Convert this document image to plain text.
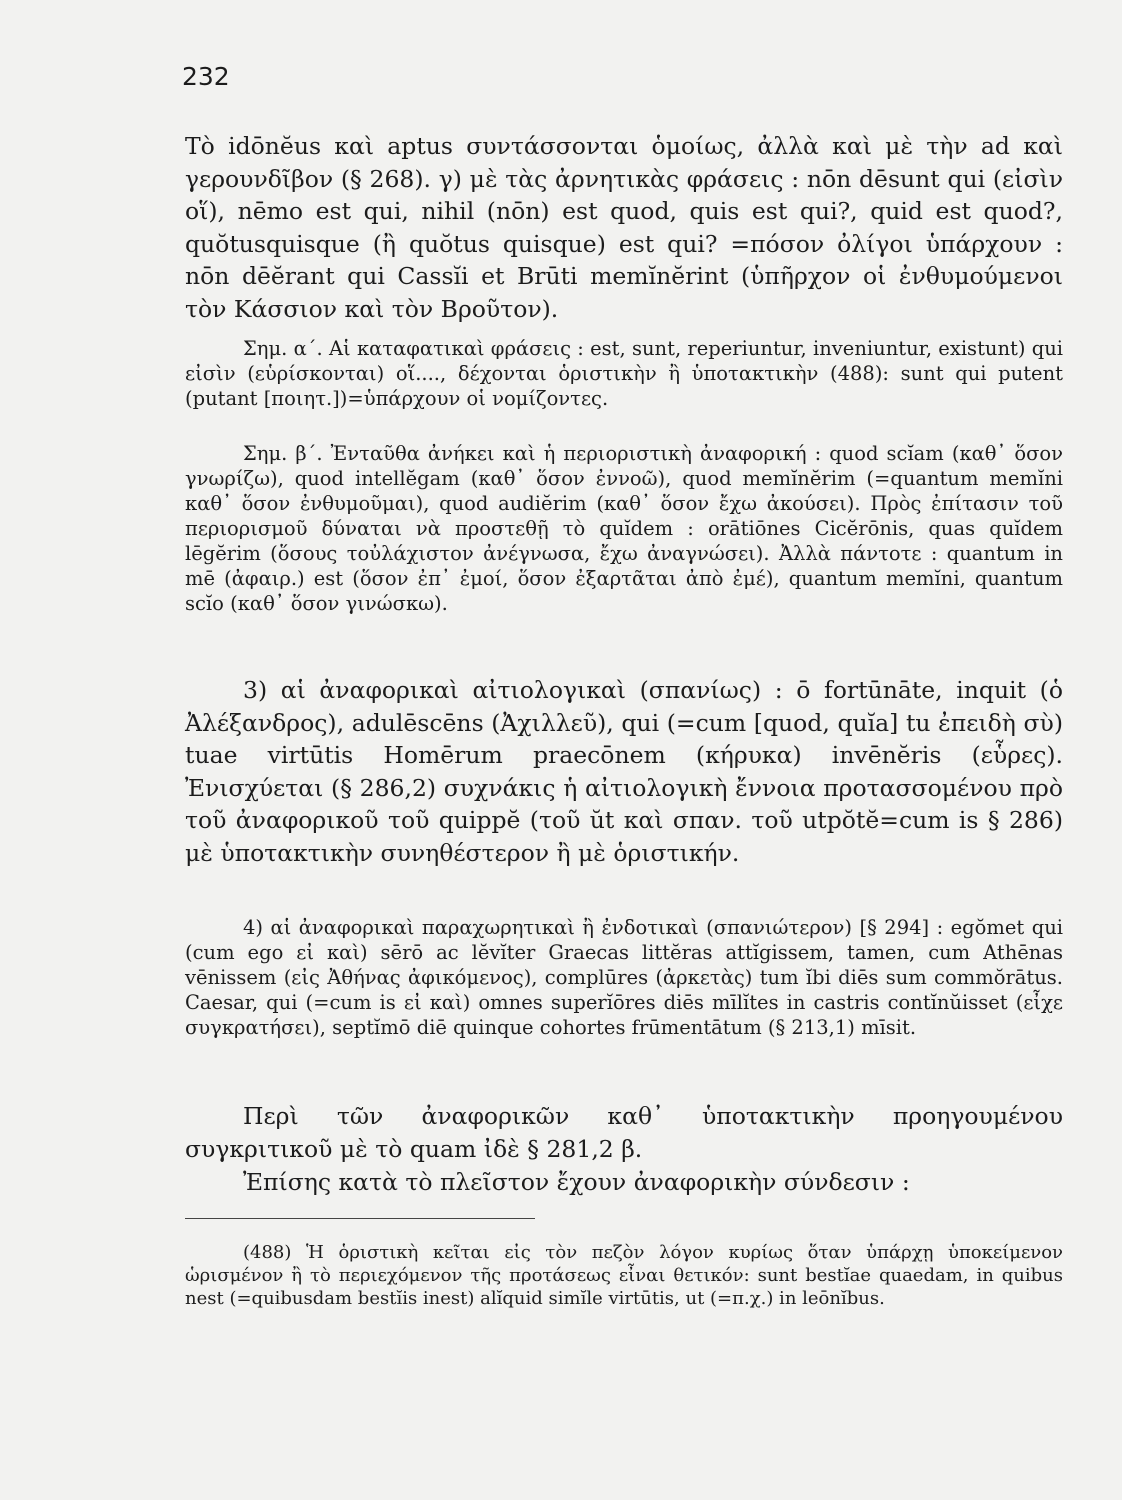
232
Τὸ idōnĕus καὶ aptus συντάσσονται ὁμοίως, ἀλλὰ καὶ μὲ τὴν ad καὶ γερουνδῖβον (§ 268). γ) μὲ τὰς ἀρνητικὰς φράσεις : nōn dēsunt qui (εἰσὶν οἵ), nēmo est qui, nihil (nōn) est quod, quis est qui?, quid est quod?, quŏtusquisque (ἢ quŏtus quisque) est qui? =πόσον ὀλίγοι ὑπάρχουν : nōn dēĕrant qui Cassĭi et Brūti memĭnĕrint (ὑπῆρχον οἱ ἐνθυμούμενοι τὸν Κάσσιον καὶ τὸν Βροῦτον).
Σημ. α΄. Αἱ καταφατικαὶ φράσεις : est, sunt, reperiuntur, inveniuntur, existunt) qui εἰσὶν (εὑρίσκονται) οἵ...., δέχονται ὁριστικὴν ἢ ὑποτακτικὴν (488): sunt qui putent (putant [ποιητ.])=ὑπάρχουν οἱ νομίζοντες.
Σημ. β΄. Ἐνταῦθα ἀνήκει καὶ ἡ περιοριστικὴ ἀναφορική : quod scĭam (καθ᾿ ὅσον γνωρίζω), quod intellĕgam (καθ᾿ ὅσον ἐννοῶ), quod memĭnĕrim (=quantum memĭni καθ᾿ ὅσον ἐνθυμοῦμαι), quod audiĕrim (καθ᾿ ὅσον ἔχω ἀκούσει). Πρὸς ἐπίτασιν τοῦ περιορισμοῦ δύναται νὰ προστεθῇ τὸ quĭdem : orātiōnes Cicĕrōnis, quas quĭdem lēgĕrim (ὅσους τοὐλάχιστον ἀνέγνωσα, ἔχω ἀναγνώσει). Ἀλλὰ πάντοτε : quantum in mē (ἀφαιρ.) est (ὅσον ἐπ᾿ ἐμοί, ὅσον ἐξαρτᾶται ἀπὸ ἐμέ), quantum memĭni, quantum scĭo (καθ᾿ ὅσον γινώσκω).
3) αἱ ἀναφορικαὶ αἰτιολογικαὶ (σπανίως) : ō fortūnāte, inquit (ὁ Ἀλέξανδρος), adulēscēns (Ἀχιλλεῦ), qui (=cum [quod, quĭa] tu ἐπειδὴ σὺ) tuae virtūtis Homērum praecōnem (κήρυκα) invēnĕris (εὗρες). Ἐνισχύεται (§ 286,2) συχνάκις ἡ αἰτιολογικὴ ἔννοια προτασσομένου πρὸ τοῦ ἀναφορικοῦ τοῦ quippĕ (τοῦ ŭt καὶ σπαν. τοῦ utpŏtĕ=cum is § 286) μὲ ὑποτακτικὴν συνηθέστερον ἢ μὲ ὁριστικήν.
4) αἱ ἀναφορικαὶ παραχωρητικαὶ ἢ ἐνδοτικαὶ (σπανιώτερον) [§ 294] : egŏmet qui (cum ego εἰ καὶ) sērō ac lĕvĭter Graecas littĕras attĭgissem, tamen, cum Athēnas vēnissem (εἰς Ἀθήνας ἀφικόμενος), complūres (ἀρκετὰς) tum ĭbi diēs sum commŏrātus. Caesar, qui (=cum is εἰ καὶ) omnes superĭōres diēs mīlĭtes in castris contĭnŭisset (εἶχε συγκρατήσει), septĭmō diē quinque cohortes frūmentātum (§ 213,1) mīsit.
Περὶ τῶν ἀναφορικῶν καθ᾿ ὑποτακτικὴν προηγουμένου συγκριτικοῦ μὲ τὸ quam ἰδὲ § 281,2 β.
Ἐπίσης κατὰ τὸ πλεῖστον ἔχουν ἀναφορικὴν σύνδεσιν :
(488) Ἡ ὁριστικὴ κεῖται εἰς τὸν πεζὸν λόγον κυρίως ὅταν ὑπάρχῃ ὑποκείμενον ὡρισμένον ἢ τὸ περιεχόμενον τῆς προτάσεως εἶναι θετικόν: sunt bestĭae quaedam, in quibus nest (=quibusdam bestĭis inest) alĭquid simĭle virtūtis, ut (=π.χ.) in leōnĭbus.
